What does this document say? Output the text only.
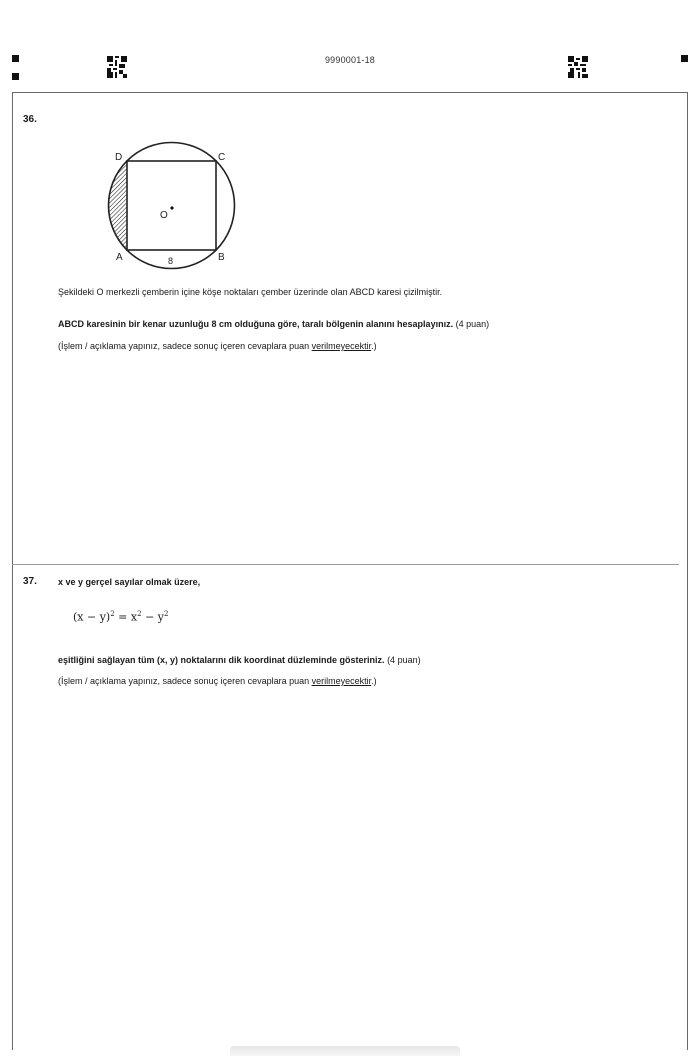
9990001-18
36.
D	C
A	B
O
8
Şekildeki O merkezli çemberin içine köşe noktaları çember üzerinde olan ABCD karesi çizilmiştir.
ABCD karesinin bir kenar uzunluğu 8 cm olduğuna göre, taralı bölgenin alanını hesaplayınız. (4 puan)
(İşlem / açıklama yapınız, sadece sonuç içeren cevaplara puan verilmeyecektir.)
37. x ve y gerçel sayılar olmak üzere,
$(x - y)^2 = x^2 - y^2$
eşitliğini sağlayan tüm (x, y) noktalarını dik koordinat düzleminde gösteriniz. (4 puan)
(İşlem / açıklama yapınız, sadece sonuç içeren cevaplara puan verilmeyecektir.)
